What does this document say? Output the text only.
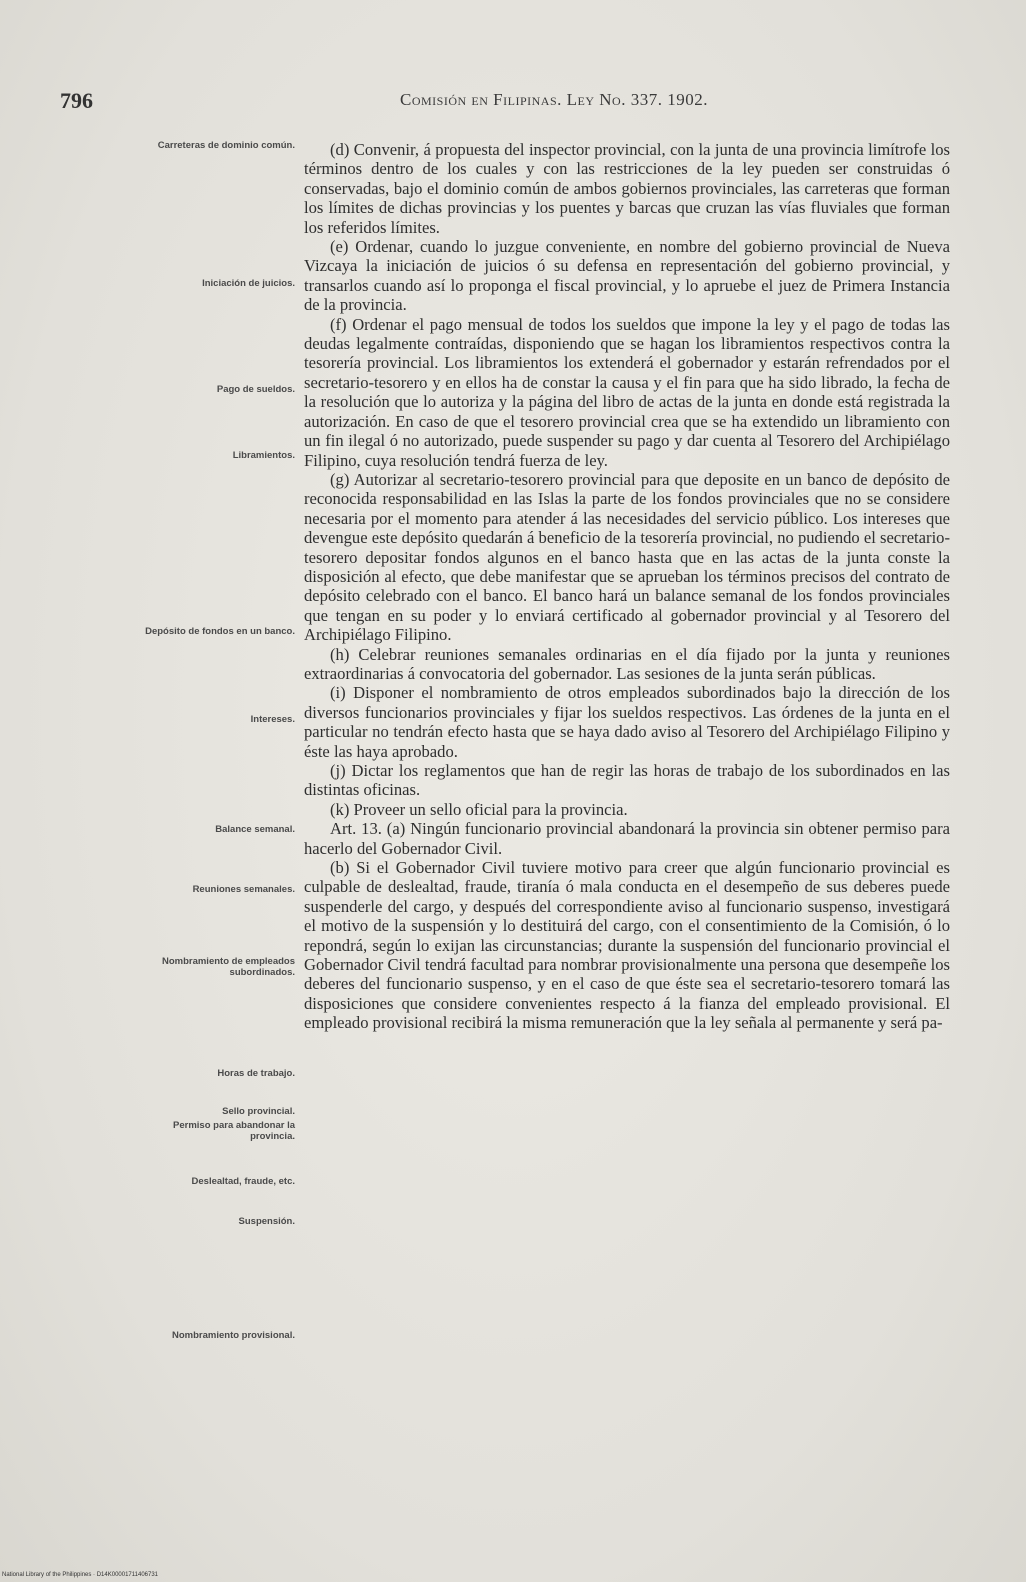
796	Comisión en Filipinas. Ley No. 337. 1902.
Carreteras de dominio común.
Iniciación de juicios.
Pago de sueldos.
Libramientos.
Depósito de fondos en un banco.
Intereses.
Balance semanal.
Reuniones semanales.
Nombramiento de empleados subordinados.
Horas de trabajo.
Sello provincial.
Permiso para abandonar la provincia.
Deslealtad, fraude, etc.
Suspensión.
Nombramiento provisional.

(d) Convenir, á propuesta del inspector provincial, con la junta de una provincia limítrofe los términos dentro de los cuales y con las restricciones de la ley pueden ser construidas ó conservadas, bajo el dominio común de ambos gobiernos provinciales, las carreteras que forman los límites de dichas provincias y los puentes y barcas que cruzan las vías fluviales que forman los referidos límites.

(e) Ordenar, cuando lo juzgue conveniente, en nombre del gobierno provincial de Nueva Vizcaya la iniciación de juicios ó su defensa en representación del gobierno provincial, y transarlos cuando así lo proponga el fiscal provincial, y lo apruebe el juez de Primera Instancia de la provincia.

(f) Ordenar el pago mensual de todos los sueldos que impone la ley y el pago de todas las deudas legalmente contraídas, disponiendo que se hagan los libramientos respectivos contra la tesorería provincial. Los libramientos los extenderá el gobernador y estarán refrendados por el secretario-tesorero y en ellos ha de constar la causa y el fin para que ha sido librado, la fecha de la resolución que lo autoriza y la página del libro de actas de la junta en donde está registrada la autorización. En caso de que el tesorero provincial crea que se ha extendido un libramiento con un fin ilegal ó no autorizado, puede suspender su pago y dar cuenta al Tesorero del Archipiélago Filipino, cuya resolución tendrá fuerza de ley.

(g) Autorizar al secretario-tesorero provincial para que deposite en un banco de depósito de reconocida responsabilidad en las Islas la parte de los fondos provinciales que no se considere necesaria por el momento para atender á las necesidades del servicio público. Los intereses que devengue este depósito quedarán á beneficio de la tesorería provincial, no pudiendo el secretario-tesorero depositar fondos algunos en el banco hasta que en las actas de la junta conste la disposición al efecto, que debe manifestar que se aprueban los términos precisos del contrato de depósito celebrado con el banco. El banco hará un balance semanal de los fondos provinciales que tengan en su poder y lo enviará certificado al gobernador provincial y al Tesorero del Archipiélago Filipino.

(h) Celebrar reuniones semanales ordinarias en el día fijado por la junta y reuniones extraordinarias á convocatoria del gobernador. Las sesiones de la junta serán públicas.

(i) Disponer el nombramiento de otros empleados subordinados bajo la dirección de los diversos funcionarios provinciales y fijar los sueldos respectivos. Las órdenes de la junta en el particular no tendrán efecto hasta que se haya dado aviso al Tesorero del Archipiélago Filipino y éste las haya aprobado.

(j) Dictar los reglamentos que han de regir las horas de trabajo de los subordinados en las distintas oficinas.

(k) Proveer un sello oficial para la provincia.

Art. 13. (a) Ningún funcionario provincial abandonará la provincia sin obtener permiso para hacerlo del Gobernador Civil.

(b) Si el Gobernador Civil tuviere motivo para creer que algún funcionario provincial es culpable de deslealtad, fraude, tiranía ó mala conducta en el desempeño de sus deberes puede suspenderle del cargo, y después del correspondiente aviso al funcionario suspenso, investigará el motivo de la suspensión y lo destituirá del cargo, con el consentimiento de la Comisión, ó lo repondrá, según lo exijan las circunstancias; durante la suspensión del funcionario provincial el Gobernador Civil tendrá facultad para nombrar provisionalmente una persona que desempeñe los deberes del funcionario suspenso, y en el caso de que éste sea el secretario-tesorero tomará las disposiciones que considere convenientes respecto á la fianza del empleado provisional. El empleado provisional recibirá la misma remuneración que la ley señala al permanente y será pa-

National Library of the Philippines · D14K00001711406731
